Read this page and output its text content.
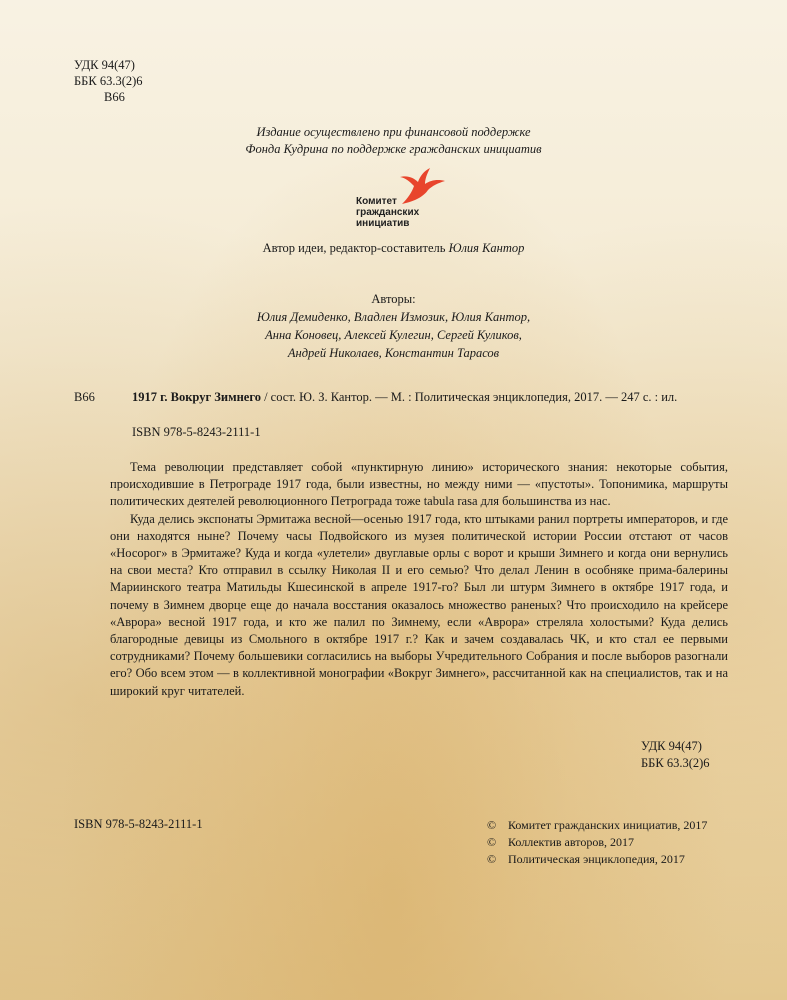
УДК 94(47)
ББК 63.3(2)6
В66
Издание осуществлено при финансовой поддержке
Фонда Кудрина по поддержке гражданских инициатив
Комитет
гражданских
инициатив
Автор идеи, редактор-составитель Юлия Кантор
Авторы:
Юлия Демиденко, Владлен Измозик, Юлия Кантор,
Анна Коновец, Алексей Кулегин, Сергей Куликов,
Андрей Николаев, Константин Тарасов
В66	1917 г. Вокруг Зимнего / сост. Ю. З. Кантор. — М. : Политическая энциклопедия, 2017. — 247 с. : ил.
ISBN 978-5-8243-2111-1

Тема революции представляет собой «пунктирную линию» исторического знания: некоторые события, происходившие в Петрограде 1917 года, были известны, но между ними — «пустоты». Топонимика, маршруты политических деятелей революционного Петрограда тоже tabula rasa для большинства из нас.

Куда делись экспонаты Эрмитажа весной—осенью 1917 года, кто штыками ранил портреты императоров, и где они находятся ныне? Почему часы Подвойского из музея политической истории России отстают от часов «Носорог» в Эрмитаже? Куда и когда «улетели» двуглавые орлы с ворот и крыши Зимнего и когда они вернулись на свои места? Кто отправил в ссылку Николая II и его семью? Что делал Ленин в особняке прима-балерины Мариинского театра Матильды Кшесинской в апреле 1917-го? Был ли штурм Зимнего в октябре 1917 года, и почему в Зимнем дворце еще до начала восстания оказалось множество раненых? Что происходило на крейсере «Аврора» весной 1917 года, и кто же палил по Зимнему, если «Аврора» стреляла холостыми? Куда делись благородные девицы из Смольного в октябре 1917 г.? Как и зачем создавалась ЧК, и кто стал ее первыми сотрудниками? Почему большевики согласились на выборы Учредительного Собрания и после выборов разогнали его? Обо всем этом — в коллективной монографии «Вокруг Зимнего», рассчитанной как на специалистов, так и на широкий круг читателей.

УДК 94(47)
ББК 63.3(2)6
ISBN 978-5-8243-2111-1	© Комитет гражданских инициатив, 2017
© Коллектив авторов, 2017
© Политическая энциклопедия, 2017
